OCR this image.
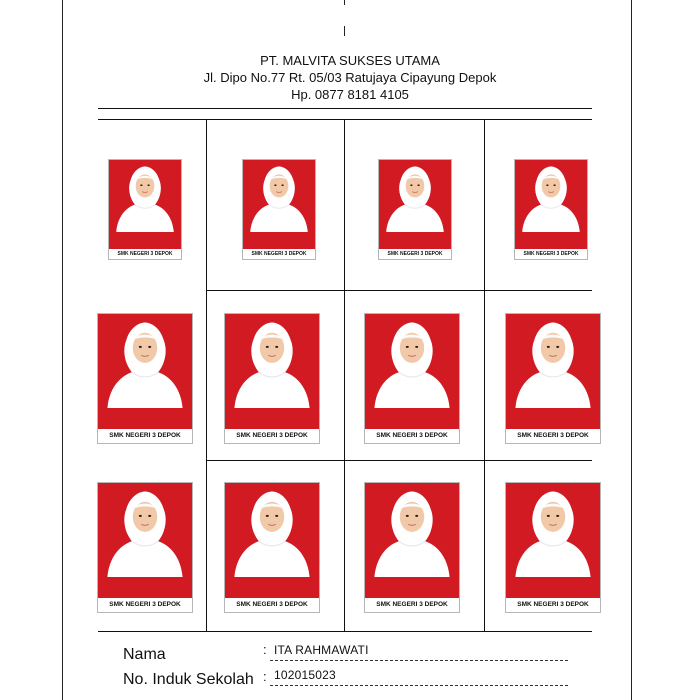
PT. MALVITA SUKSES UTAMA
Jl. Dipo No.77 Rt. 05/03 Ratujaya Cipayung Depok
Hp. 0877 8181 4105
SMK NEGERI 3 DEPOK	SMK NEGERI 3 DEPOK	SMK NEGERI 3 DEPOK	SMK NEGERI 3 DEPOK
SMK NEGERI 3 DEPOK	SMK NEGERI 3 DEPOK	SMK NEGERI 3 DEPOK	SMK NEGERI 3 DEPOK
SMK NEGERI 3 DEPOK	SMK NEGERI 3 DEPOK	SMK NEGERI 3 DEPOK	SMK NEGERI 3 DEPOK
Nama	: ITA RAHMAWATI
No. Induk Sekolah : 102015023
